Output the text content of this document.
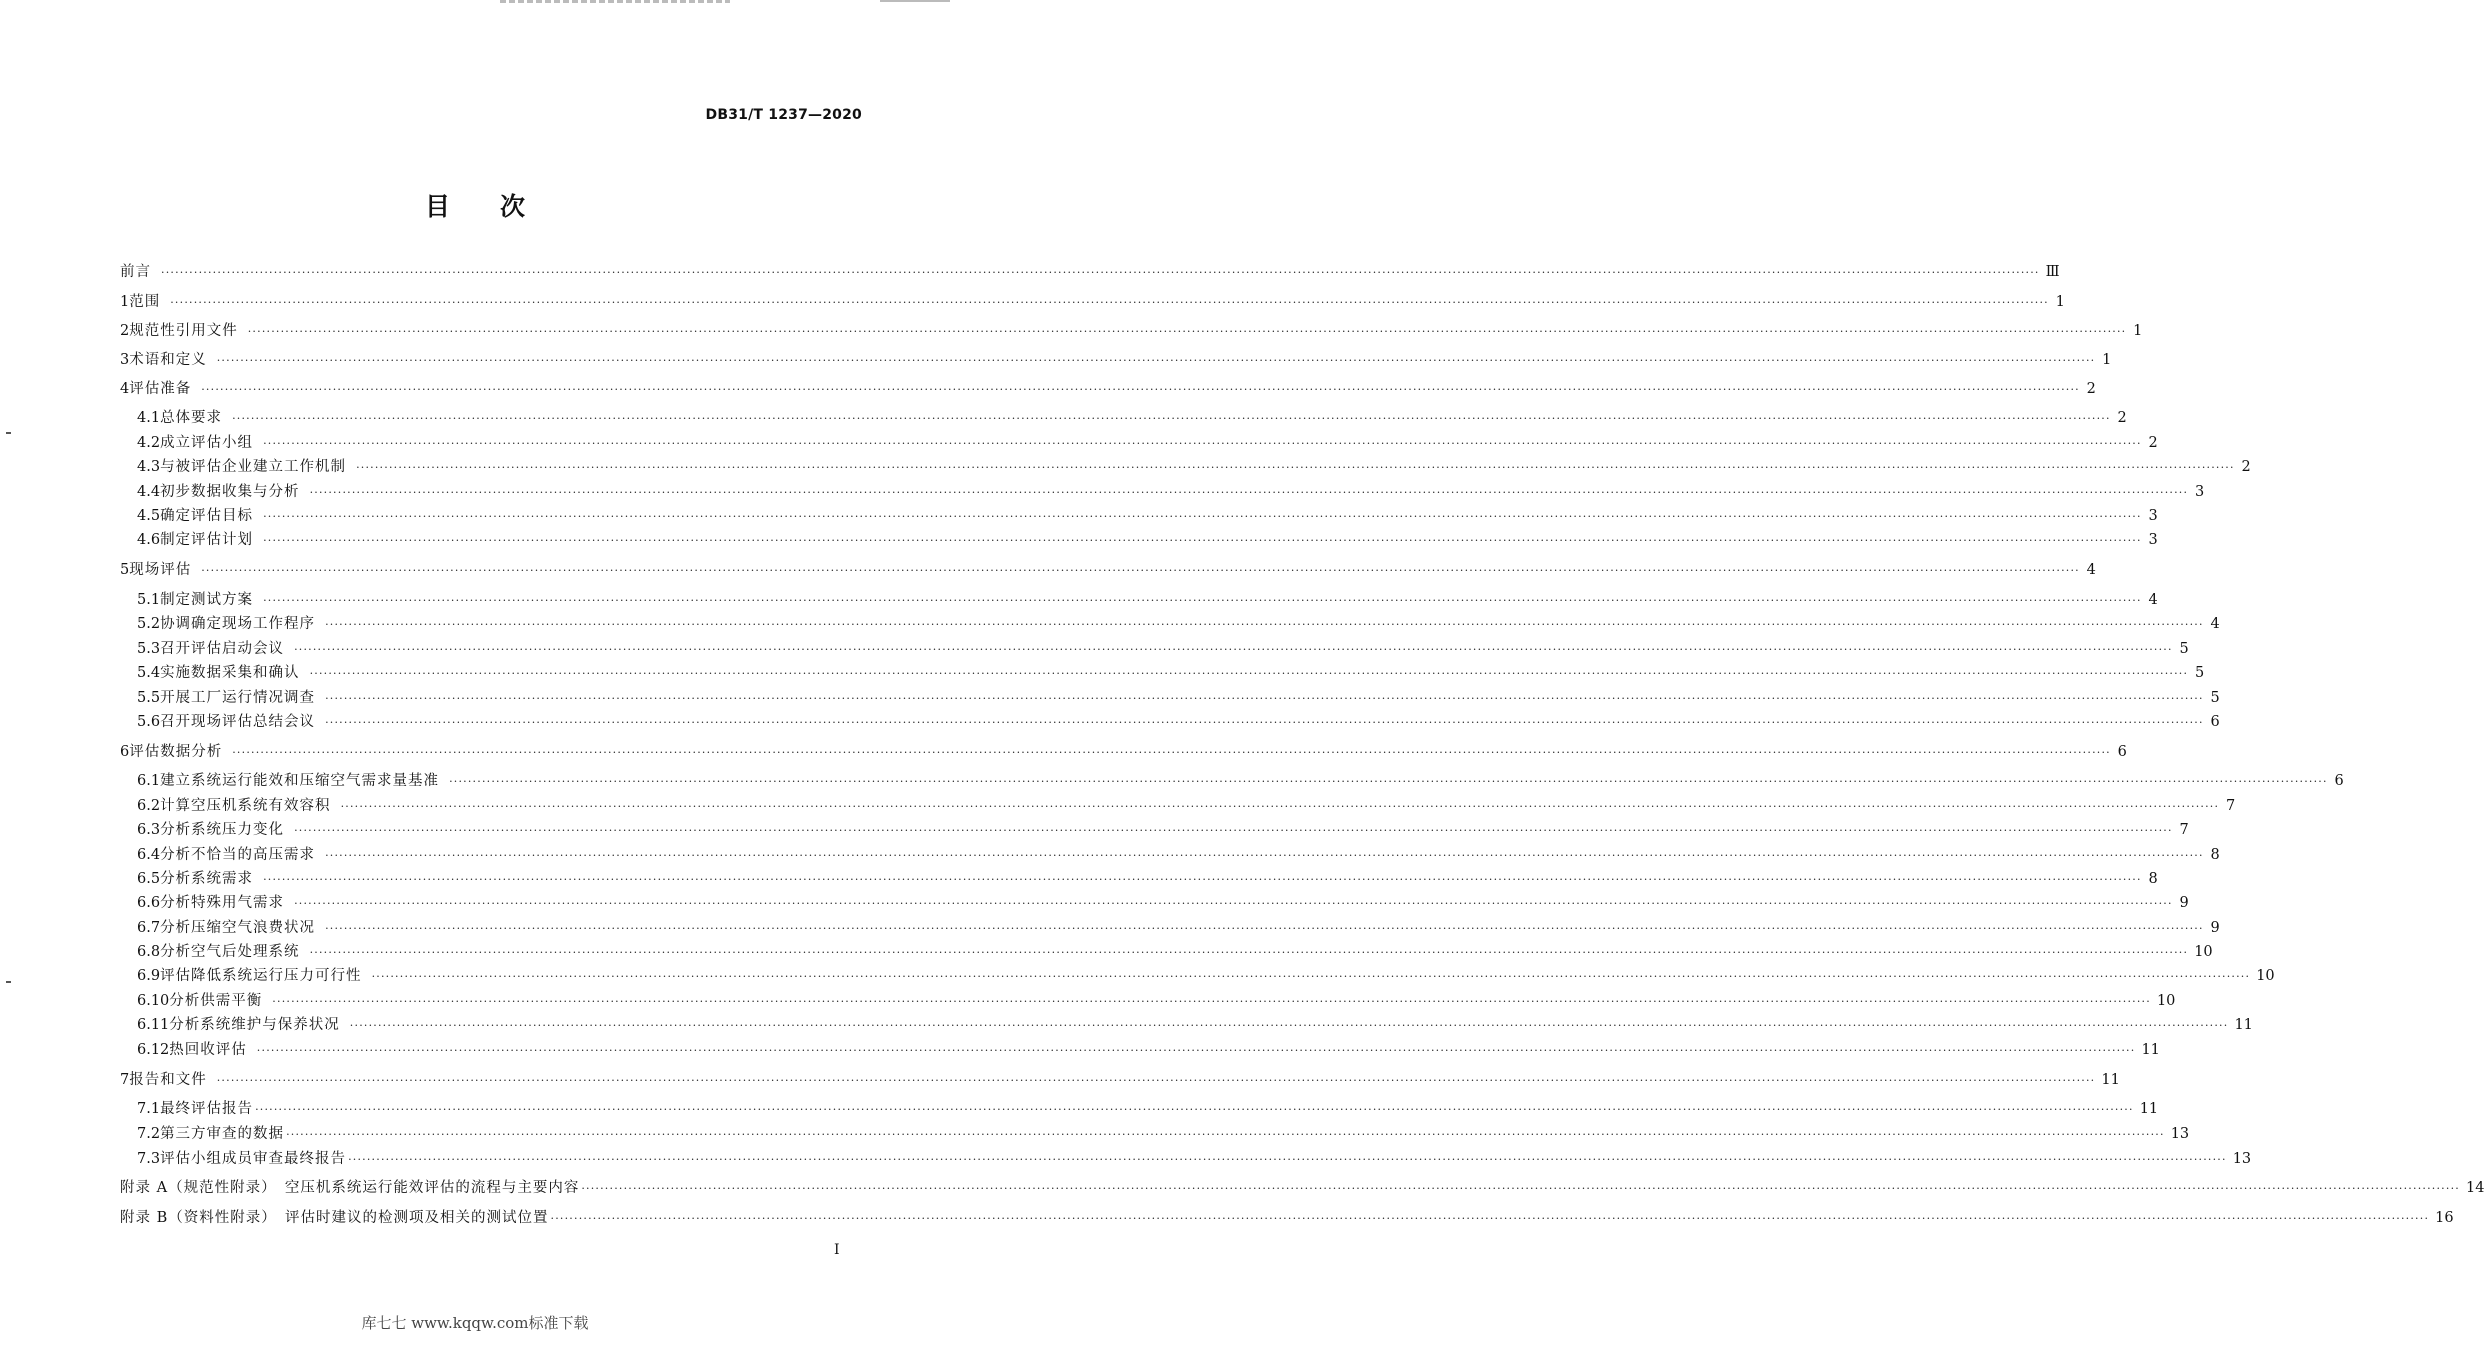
DB31/T 1237—2020
目 次
前言 ················································································································································································································································································································································································································ Ⅲ
1 范围 ················································································································································································································································································································································································································ 1
2 规范性引用文件 ················································································································································································································································································································································································································ 1
3 术语和定义 ················································································································································································································································································································································································································ 1
4 评估准备 ················································································································································································································································································································································································································ 2
4.1 总体要求 ················································································································································································································································································································································································································ 2
4.2 成立评估小组 ················································································································································································································································································································································································································ 2
4.3 与被评估企业建立工作机制 ················································································································································································································································································································································································································ 2
4.4 初步数据收集与分析 ················································································································································································································································································································································································································ 3
4.5 确定评估目标 ················································································································································································································································································································································································································ 3
4.6 制定评估计划 ················································································································································································································································································································································································································ 3
5 现场评估 ················································································································································································································································································································································································································ 4
5.1 制定测试方案 ················································································································································································································································································································································································································ 4
5.2 协调确定现场工作程序 ················································································································································································································································································································································································································ 4
5.3 召开评估启动会议 ················································································································································································································································································································································································································ 5
5.4 实施数据采集和确认 ················································································································································································································································································································································································································ 5
5.5 开展工厂运行情况调查 ················································································································································································································································································································································································································ 5
5.6 召开现场评估总结会议 ················································································································································································································································································································································································································ 6
6 评估数据分析 ················································································································································································································································································································································································································ 6
6.1 建立系统运行能效和压缩空气需求量基准 ················································································································································································································································································································································································································ 6
6.2 计算空压机系统有效容积 ················································································································································································································································································································································································································ 7
6.3 分析系统压力变化 ················································································································································································································································································································································································································ 7
6.4 分析不恰当的高压需求 ················································································································································································································································································································································································································ 8
6.5 分析系统需求 ················································································································································································································································································································································································································ 8
6.6 分析特殊用气需求 ················································································································································································································································································································································································································ 9
6.7 分析压缩空气浪费状况 ················································································································································································································································································································································································································ 9
6.8 分析空气后处理系统 ················································································································································································································································································································································································································ 10
6.9 评估降低系统运行压力可行性 ················································································································································································································································································································································································································ 10
6.10 分析供需平衡 ················································································································································································································································································································································································································ 10
6.11 分析系统维护与保养状况 ················································································································································································································································································································································································································ 11
6.12 热回收评估 ················································································································································································································································································································································································································ 11
7 报告和文件 ················································································································································································································································································································································································································ 11
7.1 最终评估报告 ················································································································································································································································································································································································································ 11
7.2 第三方审查的数据 ················································································································································································································································································································································································································ 13
7.3 评估小组成员审查最终报告 ················································································································································································································································································································································································································ 13
附录 A（规范性附录）　空压机系统运行能效评估的流程与主要内容 ················································································································································································································································································································································································································ 14
附录 B（资料性附录）　评估时建议的检测项及相关的测试位置 ················································································································································································································································································································································································································ 16
I
库七七 www.kqqw.com标准下载
